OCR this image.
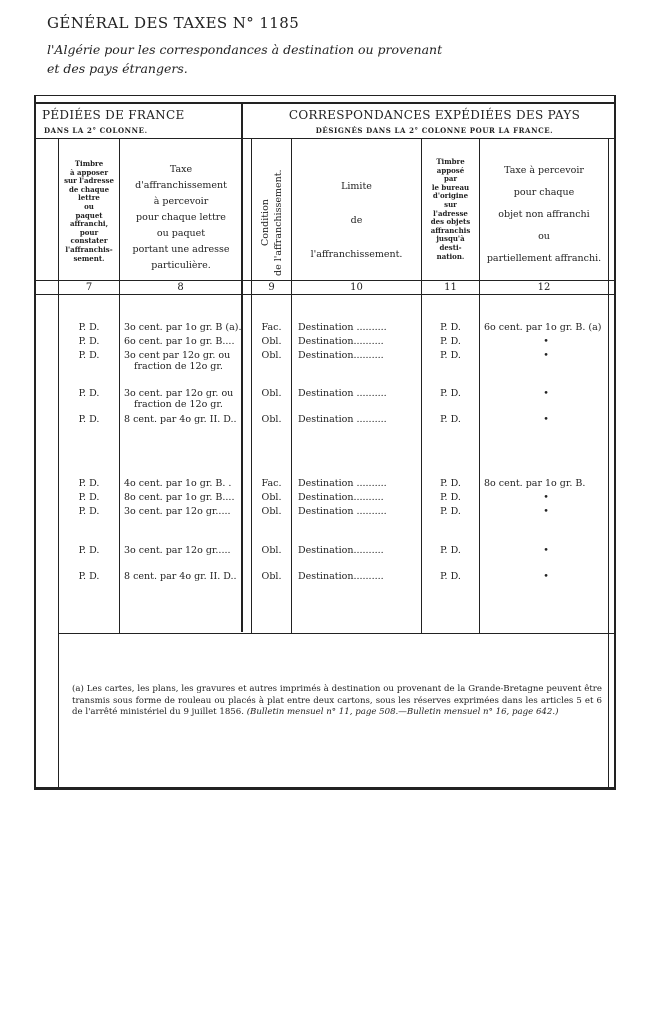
GÉNÉRAL DES TAXES N° 1185
l'Algérie pour les correspondances à destination ou provenant
et des pays étrangers.
PÉDIÉES DE FRANCE
DANS LA 2° COLONNE.
CORRESPONDANCES EXPÉDIÉES DES PAYS
DÉSIGNÉS DANS LA 2° COLONNE POUR LA FRANCE.
Timbre
à apposer
sur l'adresse
de chaque
lettre
ou
paquet
affranchi,
pour
constater
l'affranchis-
sement.
Taxe
d'affranchissement
à percevoir
pour chaque lettre
ou paquet
portant une adresse
particulière.
Condition de l'affranchissement.	Limite
de
l'affranchissement.
Timbre
apposé
par
le bureau
d'origine
sur
l'adresse
des objets
affranchis
jusqu'à
desti-
nation.
Taxe à percevoir
pour chaque
objet non affranchi
ou
partiellement affranchi.
7	8	9	10	11	12
P. D.	3o cent. par 1o gr. B (a).	Fac.	Destination ..........	P. D.	6o cent. par 1o gr. B. (a)
P. D.	6o cent. par 1o gr. B....	Obl.	Destination..........	P. D.	•
P. D.	3o cent par 12o gr. ou	Obl.	Destination..........	P. D.	•
fraction de 12o gr.
P. D.	3o cent. par 12o gr. ou	Obl.	Destination ..........	P. D.	•
fraction de 12o gr.
P. D.	8 cent. par 4o gr. II. D..	Obl.	Destination ..........	P. D.	•
P. D.	4o cent. par 1o gr. B. .	Fac.	Destination ..........	P. D.	8o cent. par 1o gr. B.
P. D.	8o cent. par 1o gr. B....	Obl.	Destination..........	P. D.	•
P. D.	3o cent. par 12o gr.....	Obl.	Destination ..........	P. D.	•
P. D.	3o cent. par 12o gr.....	Obl.	Destination..........	P. D.	•
P. D.	8 cent. par 4o gr. II. D..	Obl.	Destination..........	P. D.	•
(a) Les cartes, les plans, les gravures et autres imprimés à destination ou provenant de la Grande-Bretagne peuvent être transmis sous forme de rouleau ou placés à plat entre deux cartons, sous les réserves exprimées dans les articles 5 et 6 de l'arrêté ministériel du 9 juillet 1856. (Bulletin mensuel n° 11, page 508.—Bulletin mensuel n° 16, page 642.)
